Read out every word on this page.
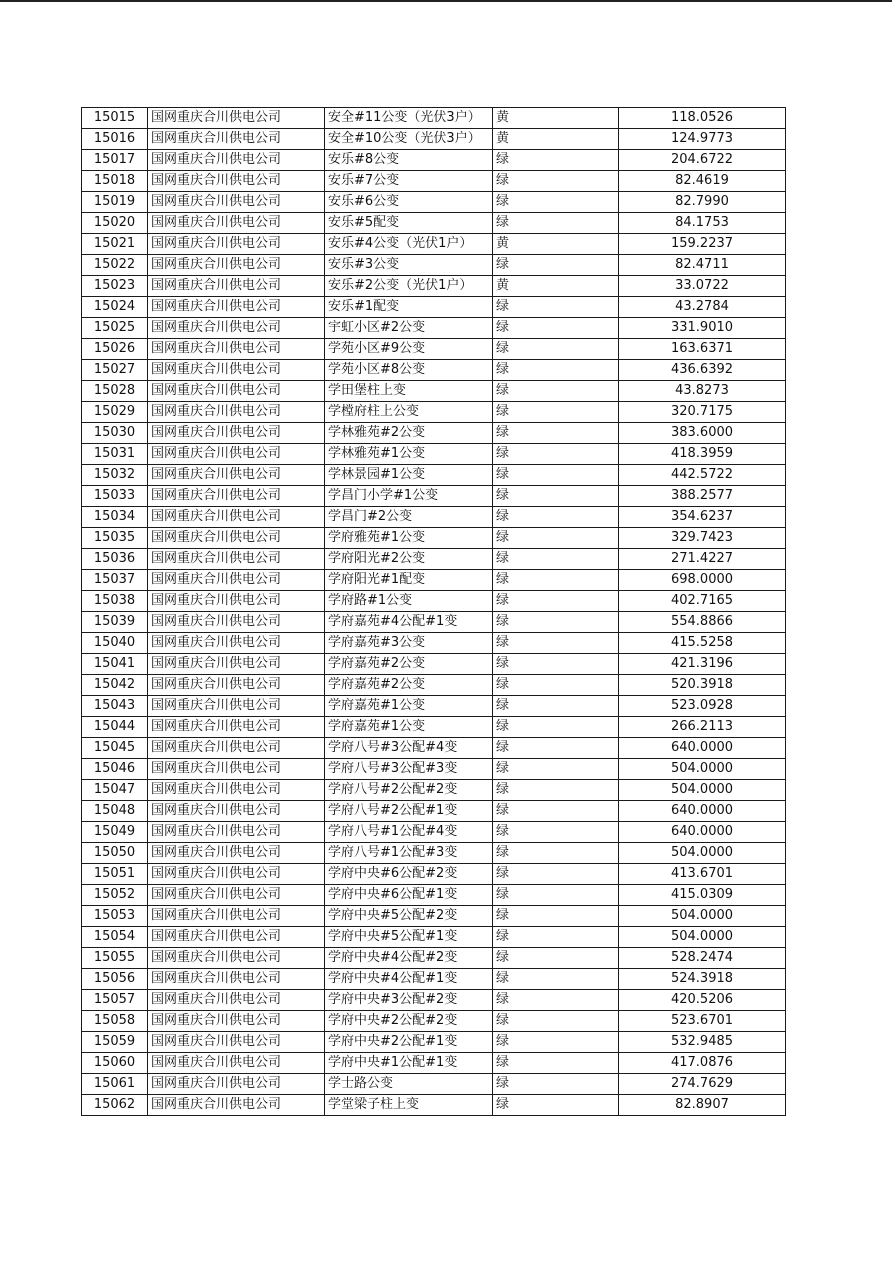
15015	国网重庆合川供电公司	安全#11公变（光伏3户）	黄	118.0526
15016	国网重庆合川供电公司	安全#10公变（光伏3户）	黄	124.9773
15017	国网重庆合川供电公司	安乐#8公变	绿	204.6722
15018	国网重庆合川供电公司	安乐#7公变	绿	82.4619
15019	国网重庆合川供电公司	安乐#6公变	绿	82.7990
15020	国网重庆合川供电公司	安乐#5配变	绿	84.1753
15021	国网重庆合川供电公司	安乐#4公变（光伏1户）	黄	159.2237
15022	国网重庆合川供电公司	安乐#3公变	绿	82.4711
15023	国网重庆合川供电公司	安乐#2公变（光伏1户）	黄	33.0722
15024	国网重庆合川供电公司	安乐#1配变	绿	43.2784
15025	国网重庆合川供电公司	宇虹小区#2公变	绿	331.9010
15026	国网重庆合川供电公司	学苑小区#9公变	绿	163.6371
15027	国网重庆合川供电公司	学苑小区#8公变	绿	436.6392
15028	国网重庆合川供电公司	学田堡柱上变	绿	43.8273
15029	国网重庆合川供电公司	学樘府柱上公变	绿	320.7175
15030	国网重庆合川供电公司	学林雅苑#2公变	绿	383.6000
15031	国网重庆合川供电公司	学林雅苑#1公变	绿	418.3959
15032	国网重庆合川供电公司	学林景园#1公变	绿	442.5722
15033	国网重庆合川供电公司	学昌门小学#1公变	绿	388.2577
15034	国网重庆合川供电公司	学昌门#2公变	绿	354.6237
15035	国网重庆合川供电公司	学府雅苑#1公变	绿	329.7423
15036	国网重庆合川供电公司	学府阳光#2公变	绿	271.4227
15037	国网重庆合川供电公司	学府阳光#1配变	绿	698.0000
15038	国网重庆合川供电公司	学府路#1公变	绿	402.7165
15039	国网重庆合川供电公司	学府嘉苑#4公配#1变	绿	554.8866
15040	国网重庆合川供电公司	学府嘉苑#3公变	绿	415.5258
15041	国网重庆合川供电公司	学府嘉苑#2公变	绿	421.3196
15042	国网重庆合川供电公司	学府嘉苑#2公变	绿	520.3918
15043	国网重庆合川供电公司	学府嘉苑#1公变	绿	523.0928
15044	国网重庆合川供电公司	学府嘉苑#1公变	绿	266.2113
15045	国网重庆合川供电公司	学府八号#3公配#4变	绿	640.0000
15046	国网重庆合川供电公司	学府八号#3公配#3变	绿	504.0000
15047	国网重庆合川供电公司	学府八号#2公配#2变	绿	504.0000
15048	国网重庆合川供电公司	学府八号#2公配#1变	绿	640.0000
15049	国网重庆合川供电公司	学府八号#1公配#4变	绿	640.0000
15050	国网重庆合川供电公司	学府八号#1公配#3变	绿	504.0000
15051	国网重庆合川供电公司	学府中央#6公配#2变	绿	413.6701
15052	国网重庆合川供电公司	学府中央#6公配#1变	绿	415.0309
15053	国网重庆合川供电公司	学府中央#5公配#2变	绿	504.0000
15054	国网重庆合川供电公司	学府中央#5公配#1变	绿	504.0000
15055	国网重庆合川供电公司	学府中央#4公配#2变	绿	528.2474
15056	国网重庆合川供电公司	学府中央#4公配#1变	绿	524.3918
15057	国网重庆合川供电公司	学府中央#3公配#2变	绿	420.5206
15058	国网重庆合川供电公司	学府中央#2公配#2变	绿	523.6701
15059	国网重庆合川供电公司	学府中央#2公配#1变	绿	532.9485
15060	国网重庆合川供电公司	学府中央#1公配#1变	绿	417.0876
15061	国网重庆合川供电公司	学士路公变	绿	274.7629
15062	国网重庆合川供电公司	学堂梁子柱上变	绿	82.8907
